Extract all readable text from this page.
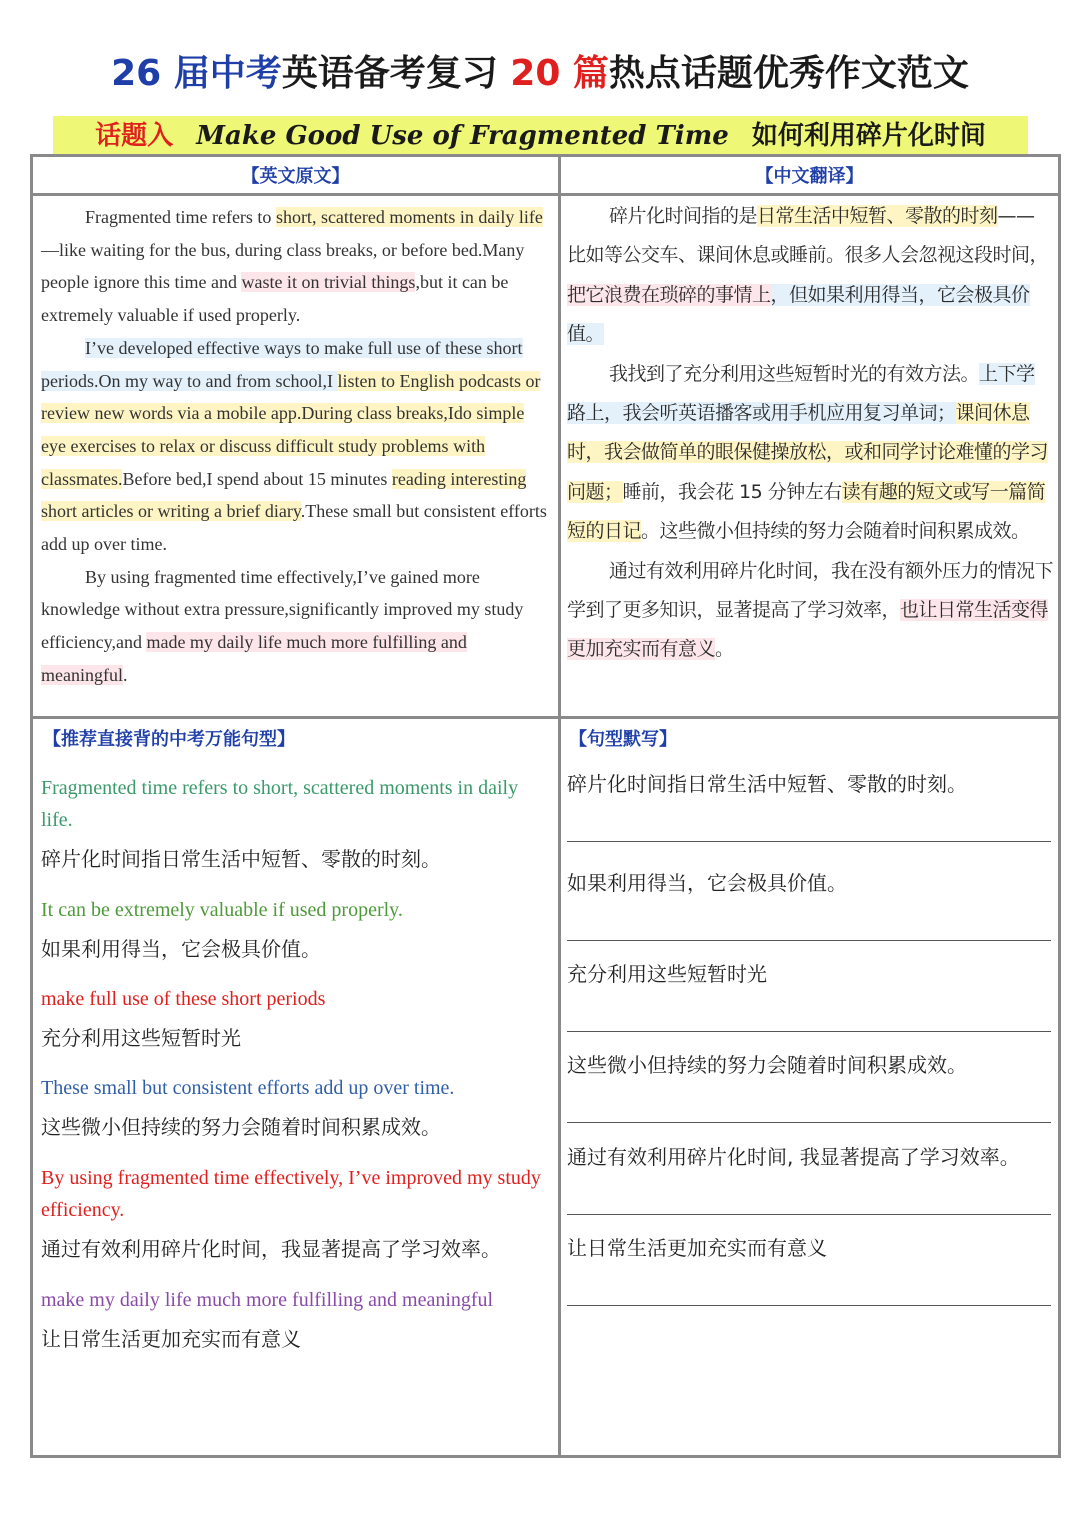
26 届中考英语备考复习 20 篇热点话题优秀作文范文
话题入 Make Good Use of Fragmented Time 如何利用碎片化时间
【英文原文】	【中文翻译】

Fragmented time refers to short, scattered moments in daily life—like waiting for the bus, during class breaks, or before bed.Many people ignore this time and waste it on trivial things,but it can be extremely valuable if used properly.

I’ve developed effective ways to make full use of these short periods.On my way to and from school,I listen to English podcasts or review new words via a mobile app.During class breaks,Ido simple eye exercises to relax or discuss difficult study problems with classmates.Before bed,I spend about 15 minutes reading interesting short articles or writing a brief diary.These small but consistent efforts add up over time.

By using fragmented time effectively,I’ve gained more knowledge without extra pressure,significantly improved my study efficiency,and made my daily life much more fulfilling and meaningful.

碎片化时间指的是日常生活中短暂、零散的时刻——比如等公交车、课间休息或睡前。很多人会忽视这段时间，把它浪费在琐碎的事情上，但如果利用得当，它会极具价值。

我找到了充分利用这些短暂时光的有效方法。上下学路上，我会听英语播客或用手机应用复习单词；课间休息时，我会做简单的眼保健操放松，或和同学讨论难懂的学习问题；睡前，我会花 15 分钟左右读有趣的短文或写一篇简短的日记。这些微小但持续的努力会随着时间积累成效。

通过有效利用碎片化时间，我在没有额外压力的情况下学到了更多知识，显著提高了学习效率，也让日常生活变得更加充实而有意义。

【推荐直接背的中考万能句型】	【句型默写】
Fragmented time refers to short, scattered moments in daily life.
碎片化时间指日常生活中短暂、零散的时刻。
It can be extremely valuable if used properly.
如果利用得当，它会极具价值。
make full use of these short periods
充分利用这些短暂时光
These small but consistent efforts add up over time.
这些微小但持续的努力会随着时间积累成效。
By using fragmented time effectively, I’ve improved my study efficiency.
通过有效利用碎片化时间，我显著提高了学习效率。
make my daily life much more fulfilling and meaningful
让日常生活更加充实而有意义
碎片化时间指日常生活中短暂、零散的时刻。
如果利用得当，它会极具价值。
充分利用这些短暂时光
这些微小但持续的努力会随着时间积累成效。
通过有效利用碎片化时间, 我显著提高了学习效率。
让日常生活更加充实而有意义
